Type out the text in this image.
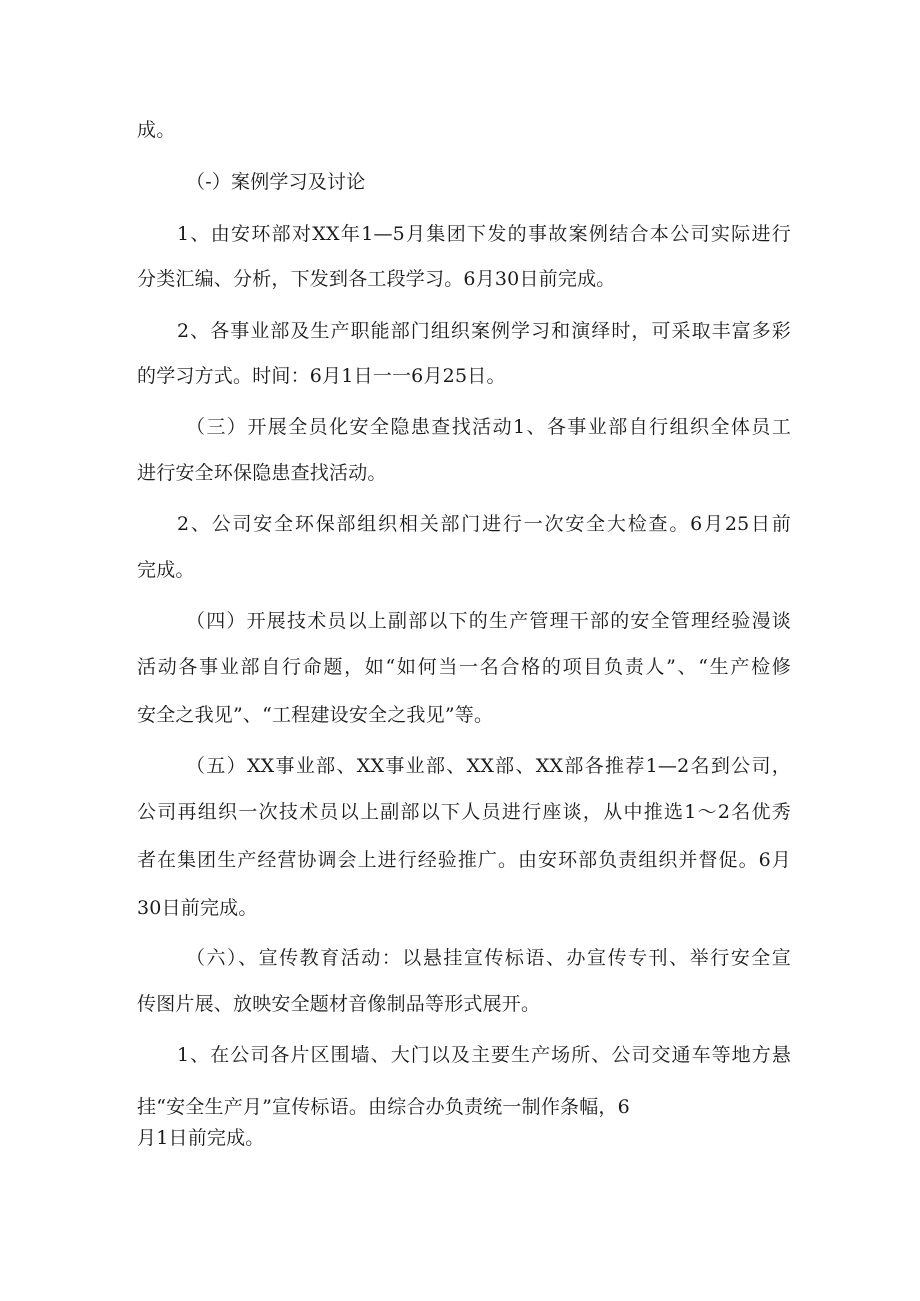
成。
（-）案例学习及讨论
1、由安环部对XX年1—5月集团下发的事故案例结合本公司实际进行
分类汇编、分析，下发到各工段学习。6月30日前完成。
2、各事业部及生产职能部门组织案例学习和演绎时，可采取丰富多彩
的学习方式。时间：6月1日一一6月25日。
（三）开展全员化安全隐患查找活动1、各事业部自行组织全体员工
进行安全环保隐患查找活动。
2、公司安全环保部组织相关部门进行一次安全大检查。6月25日前
完成。
（四）开展技术员以上副部以下的生产管理干部的安全管理经验漫谈
活动各事业部自行命题，如“如何当一名合格的项目负责人”、“生产检修
安全之我见”、“工程建设安全之我见”等。
（五）XX事业部、XX事业部、XX部、XX部各推荐1—2名到公司，
公司再组织一次技术员以上副部以下人员进行座谈，从中推选1～2名优秀
者在集团生产经营协调会上进行经验推广。由安环部负责组织并督促。6月
30日前完成。
（六）、宣传教育活动：以悬挂宣传标语、办宣传专刊、举行安全宣
传图片展、放映安全题材音像制品等形式展开。
1、在公司各片区围墙、大门以及主要生产场所、公司交通车等地方悬
挂“安全生产月”宣传标语。由综合办负责统一制作条幅，6
月1日前完成。
